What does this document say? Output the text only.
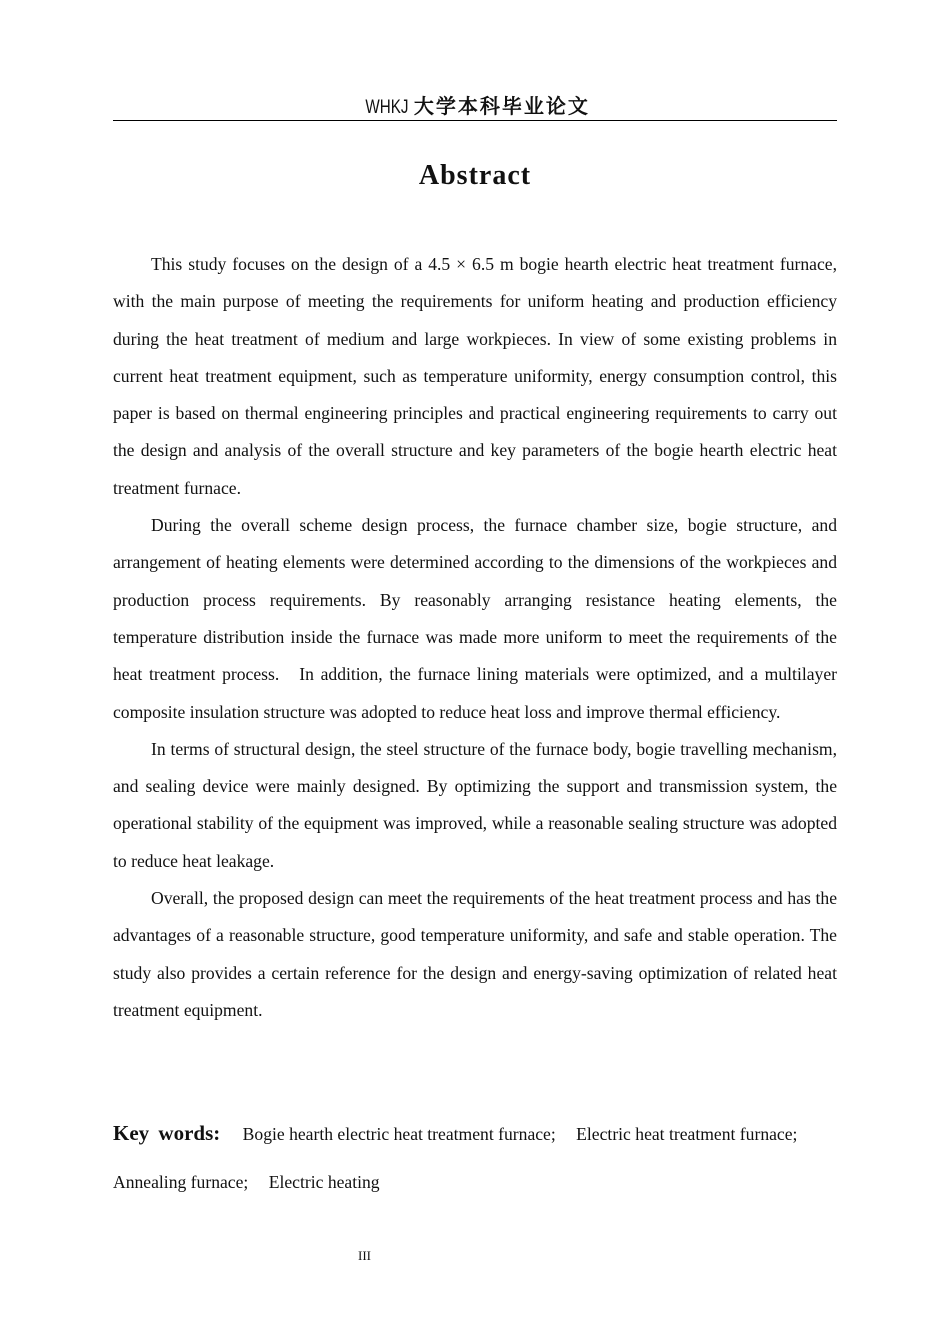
WHKJ 大学本科毕业论文
Abstract

This study focuses on the design of a 4.5 × 6.5 m bogie hearth electric heat treatment furnace, with the main purpose of meeting the requirements for uniform heating and production efficiency during the heat treatment of medium and large workpieces. In view of some existing problems in current heat treatment equipment, such as temperature uniformity, energy consumption control, this paper is based on thermal engineering principles and practical engineering requirements to carry out the design and analysis of the overall structure and key parameters of the bogie hearth electric heat treatment furnace.

During the overall scheme design process, the furnace chamber size, bogie structure, and arrangement of heating elements were determined according to the dimensions of the workpieces and production process requirements. By reasonably arranging resistance heating elements, the temperature distribution inside the furnace was made more uniform to meet the requirements of the heat treatment process.   In addition, the furnace lining materials were optimized, and a multilayer composite insulation structure was adopted to reduce heat loss and improve thermal efficiency.

In terms of structural design, the steel structure of the furnace body, bogie travelling mechanism, and sealing device were mainly designed. By optimizing the support and transmission system, the operational stability of the equipment was improved, while a reasonable sealing structure was adopted to reduce heat leakage.

Overall, the proposed design can meet the requirements of the heat treatment process and has the advantages of a reasonable structure, good temperature uniformity, and safe and stable operation. The study also provides a certain reference for the design and energy-saving optimization of related heat treatment equipment.

Key words: Bogie hearth electric heat treatment furnace; Electric heat treatment furnace; Annealing furnace; Electric heating
III
